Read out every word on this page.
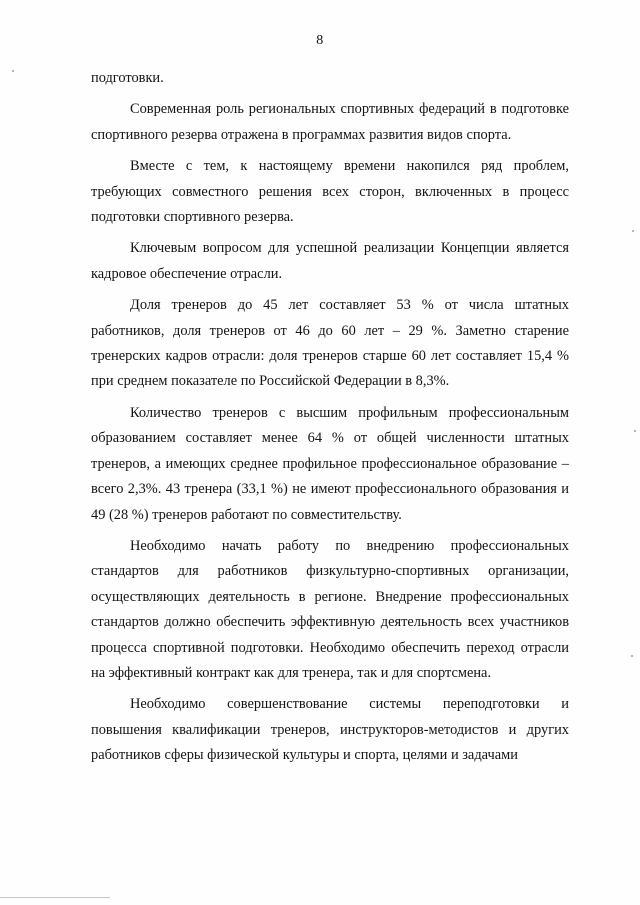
8

подготовки.

Современная роль региональных спортивных федераций в подготовке спортивного резерва отражена в программах развития видов спорта.

Вместе с тем, к настоящему времени накопился ряд проблем, требующих совместного решения всех сторон, включенных в процесс подготовки спортивного резерва.

Ключевым вопросом для успешной реализации Концепции является кадровое обеспечение отрасли.

Доля тренеров до 45 лет составляет 53 % от числа штатных работников, доля тренеров от 46 до 60 лет – 29 %. Заметно старение тренерских кадров отрасли: доля тренеров старше 60 лет составляет 15,4 % при среднем показателе по Российской Федерации в 8,3%.

Количество тренеров с высшим профильным профессиональным образованием составляет менее 64 % от общей численности штатных тренеров, а имеющих среднее профильное профессиональное образование – всего 2,3%. 43 тренера (33,1 %) не имеют профессионального образования и 49 (28 %) тренеров работают по совместительству.

Необходимо начать работу по внедрению профессиональных стандартов для работников физкультурно-спортивных организации, осуществляющих деятельность в регионе. Внедрение профессиональных стандартов должно обеспечить эффективную деятельность всех участников процесса спортивной подготовки. Необходимо обеспечить переход отрасли на эффективный контракт как для тренера, так и для спортсмена.

Необходимо совершенствование системы переподготовки и повышения квалификации тренеров, инструкторов-методистов и других работников сферы физической культуры и спорта, целями и задачами
